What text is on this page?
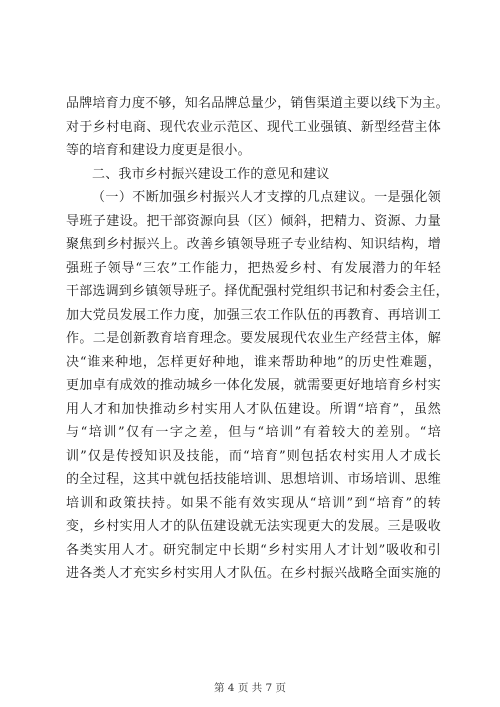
品牌培育力度不够，知名品牌总量少，销售渠道主要以线下为主。
对于乡村电商、现代农业示范区、现代工业强镇、新型经营主体
等的培育和建设力度更是很小。
二、我市乡村振兴建设工作的意见和建议
（一）不断加强乡村振兴人才支撑的几点建议。一是强化领
导班子建设。把干部资源向县（区）倾斜，把精力、资源、力量
聚焦到乡村振兴上。改善乡镇领导班子专业结构、知识结构，增
强班子领导“三农”工作能力，把热爱乡村、有发展潜力的年轻
干部选调到乡镇领导班子。择优配强村党组织书记和村委会主任，
加大党员发展工作力度，加强三农工作队伍的再教育、再培训工
作。二是创新教育培育理念。要发展现代农业生产经营主体，解
决“谁来种地，怎样更好种地，谁来帮助种地”的历史性难题，
更加卓有成效的推动城乡一体化发展，就需要更好地培育乡村实
用人才和加快推动乡村实用人才队伍建设。所谓“培育”，虽然
与“培训”仅有一字之差，但与“培训”有着较大的差别。“培
训”仅是传授知识及技能，而“培育”则包括农村实用人才成长
的全过程，这其中就包括技能培训、思想培训、市场培训、思维
培训和政策扶持。如果不能有效实现从“培训”到“培育”的转
变，乡村实用人才的队伍建设就无法实现更大的发展。三是吸收
各类实用人才。研究制定中长期“乡村实用人才计划”吸收和引
进各类人才充实乡村实用人才队伍。在乡村振兴战略全面实施的
第 4 页 共 7 页
